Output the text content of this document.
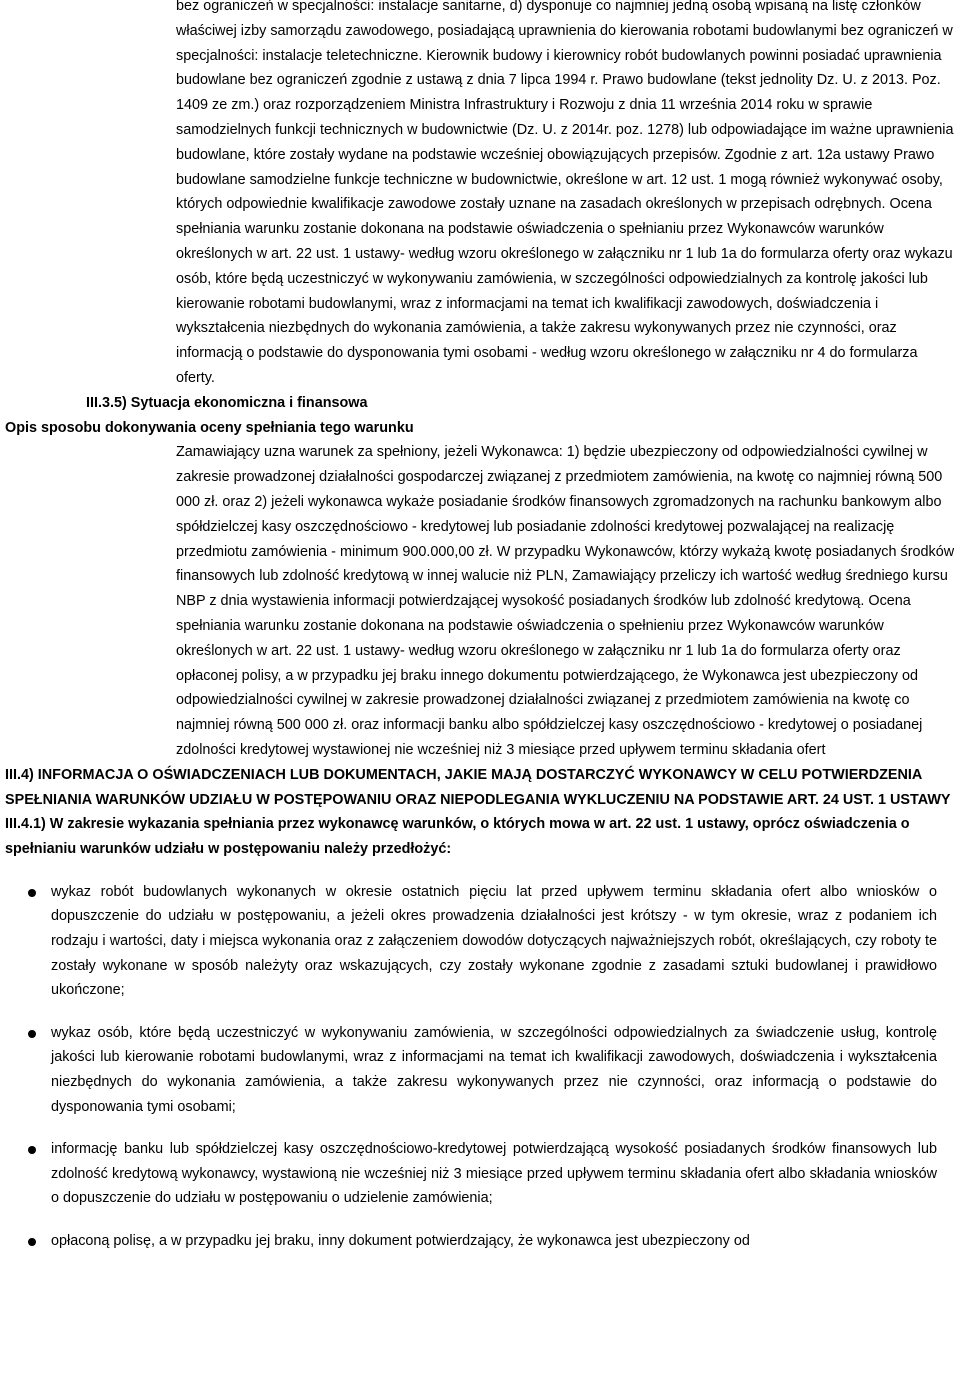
bez ograniczeń w specjalności: instalacje sanitarne, d) dysponuje co najmniej jedną osobą wpisaną na listę członków właściwej izby samorządu zawodowego, posiadającą uprawnienia do kierowania robotami budowlanymi bez ograniczeń w specjalności: instalacje teletechniczne. Kierownik budowy i kierownicy robót budowlanych powinni posiadać uprawnienia budowlane bez ograniczeń zgodnie z ustawą z dnia 7 lipca 1994 r. Prawo budowlane (tekst jednolity Dz. U. z 2013. Poz. 1409 ze zm.) oraz rozporządzeniem Ministra Infrastruktury i Rozwoju z dnia 11 września 2014 roku w sprawie samodzielnych funkcji technicznych w budownictwie (Dz. U. z 2014r. poz. 1278) lub odpowiadające im ważne uprawnienia budowlane, które zostały wydane na podstawie wcześniej obowiązujących przepisów. Zgodnie z art. 12a ustawy Prawo budowlane samodzielne funkcje techniczne w budownictwie, określone w art. 12 ust. 1 mogą również wykonywać osoby, których odpowiednie kwalifikacje zawodowe zostały uznane na zasadach określonych w przepisach odrębnych. Ocena spełniania warunku zostanie dokonana na podstawie oświadczenia o spełnianiu przez Wykonawców warunków określonych w art. 22 ust. 1 ustawy- według wzoru określonego w załączniku nr 1 lub 1a do formularza oferty oraz wykazu osób, które będą uczestniczyć w wykonywaniu zamówienia, w szczególności odpowiedzialnych za kontrolę jakości lub kierowanie robotami budowlanymi, wraz z informacjami na temat ich kwalifikacji zawodowych, doświadczenia i wykształcenia niezbędnych do wykonania zamówienia, a także zakresu wykonywanych przez nie czynności, oraz informacją o podstawie do dysponowania tymi osobami - według wzoru określonego w załączniku nr 4 do formularza oferty.
III.3.5) Sytuacja ekonomiczna i finansowa
Opis sposobu dokonywania oceny spełniania tego warunku
Zamawiający uzna warunek za spełniony, jeżeli Wykonawca: 1) będzie ubezpieczony od odpowiedzialności cywilnej w zakresie prowadzonej działalności gospodarczej związanej z przedmiotem zamówienia, na kwotę co najmniej równą 500 000 zł. oraz 2) jeżeli wykonawca wykaże posiadanie środków finansowych zgromadzonych na rachunku bankowym albo spółdzielczej kasy oszczędnościowo - kredytowej lub posiadanie zdolności kredytowej pozwalającej na realizację przedmiotu zamówienia - minimum 900.000,00 zł. W przypadku Wykonawców, którzy wykażą kwotę posiadanych środków finansowych lub zdolność kredytową w innej walucie niż PLN, Zamawiający przeliczy ich wartość według średniego kursu NBP z dnia wystawienia informacji potwierdzającej wysokość posiadanych środków lub zdolność kredytową. Ocena spełniania warunku zostanie dokonana na podstawie oświadczenia o spełnieniu przez Wykonawców warunków określonych w art. 22 ust. 1 ustawy- według wzoru określonego w załączniku nr 1 lub 1a do formularza oferty oraz opłaconej polisy, a w przypadku jej braku innego dokumentu potwierdzającego, że Wykonawca jest ubezpieczony od odpowiedzialności cywilnej w zakresie prowadzonej działalności związanej z przedmiotem zamówienia na kwotę co najmniej równą 500 000 zł. oraz informacji banku albo spółdzielczej kasy oszczędnościowo - kredytowej o posiadanej zdolności kredytowej wystawionej nie wcześniej niż 3 miesiące przed upływem terminu składania ofert
III.4) INFORMACJA O OŚWIADCZENIACH LUB DOKUMENTACH, JAKIE MAJĄ DOSTARCZYĆ WYKONAWCY W CELU POTWIERDZENIA SPEŁNIANIA WARUNKÓW UDZIAŁU W POSTĘPOWANIU ORAZ NIEPODLEGANIA WYKLUCZENIU NA PODSTAWIE ART. 24 UST. 1 USTAWY
III.4.1) W zakresie wykazania spełniania przez wykonawcę warunków, o których mowa w art. 22 ust. 1 ustawy, oprócz oświadczenia o spełnianiu warunków udziału w postępowaniu należy przedłożyć:
wykaz robót budowlanych wykonanych w okresie ostatnich pięciu lat przed upływem terminu składania ofert albo wniosków o dopuszczenie do udziału w postępowaniu, a jeżeli okres prowadzenia działalności jest krótszy - w tym okresie, wraz z podaniem ich rodzaju i wartości, daty i miejsca wykonania oraz z załączeniem dowodów dotyczących najważniejszych robót, określających, czy roboty te zostały wykonane w sposób należyty oraz wskazujących, czy zostały wykonane zgodnie z zasadami sztuki budowlanej i prawidłowo ukończone;
wykaz osób, które będą uczestniczyć w wykonywaniu zamówienia, w szczególności odpowiedzialnych za świadczenie usług, kontrolę jakości lub kierowanie robotami budowlanymi, wraz z informacjami na temat ich kwalifikacji zawodowych, doświadczenia i wykształcenia niezbędnych do wykonania zamówienia, a także zakresu wykonywanych przez nie czynności, oraz informacją o podstawie do dysponowania tymi osobami;
informację banku lub spółdzielczej kasy oszczędnościowo-kredytowej potwierdzającą wysokość posiadanych środków finansowych lub zdolność kredytową wykonawcy, wystawioną nie wcześniej niż 3 miesiące przed upływem terminu składania ofert albo składania wniosków o dopuszczenie do udziału w postępowaniu o udzielenie zamówienia;
opłaconą polisę, a w przypadku jej braku, inny dokument potwierdzający, że wykonawca jest ubezpieczony od
